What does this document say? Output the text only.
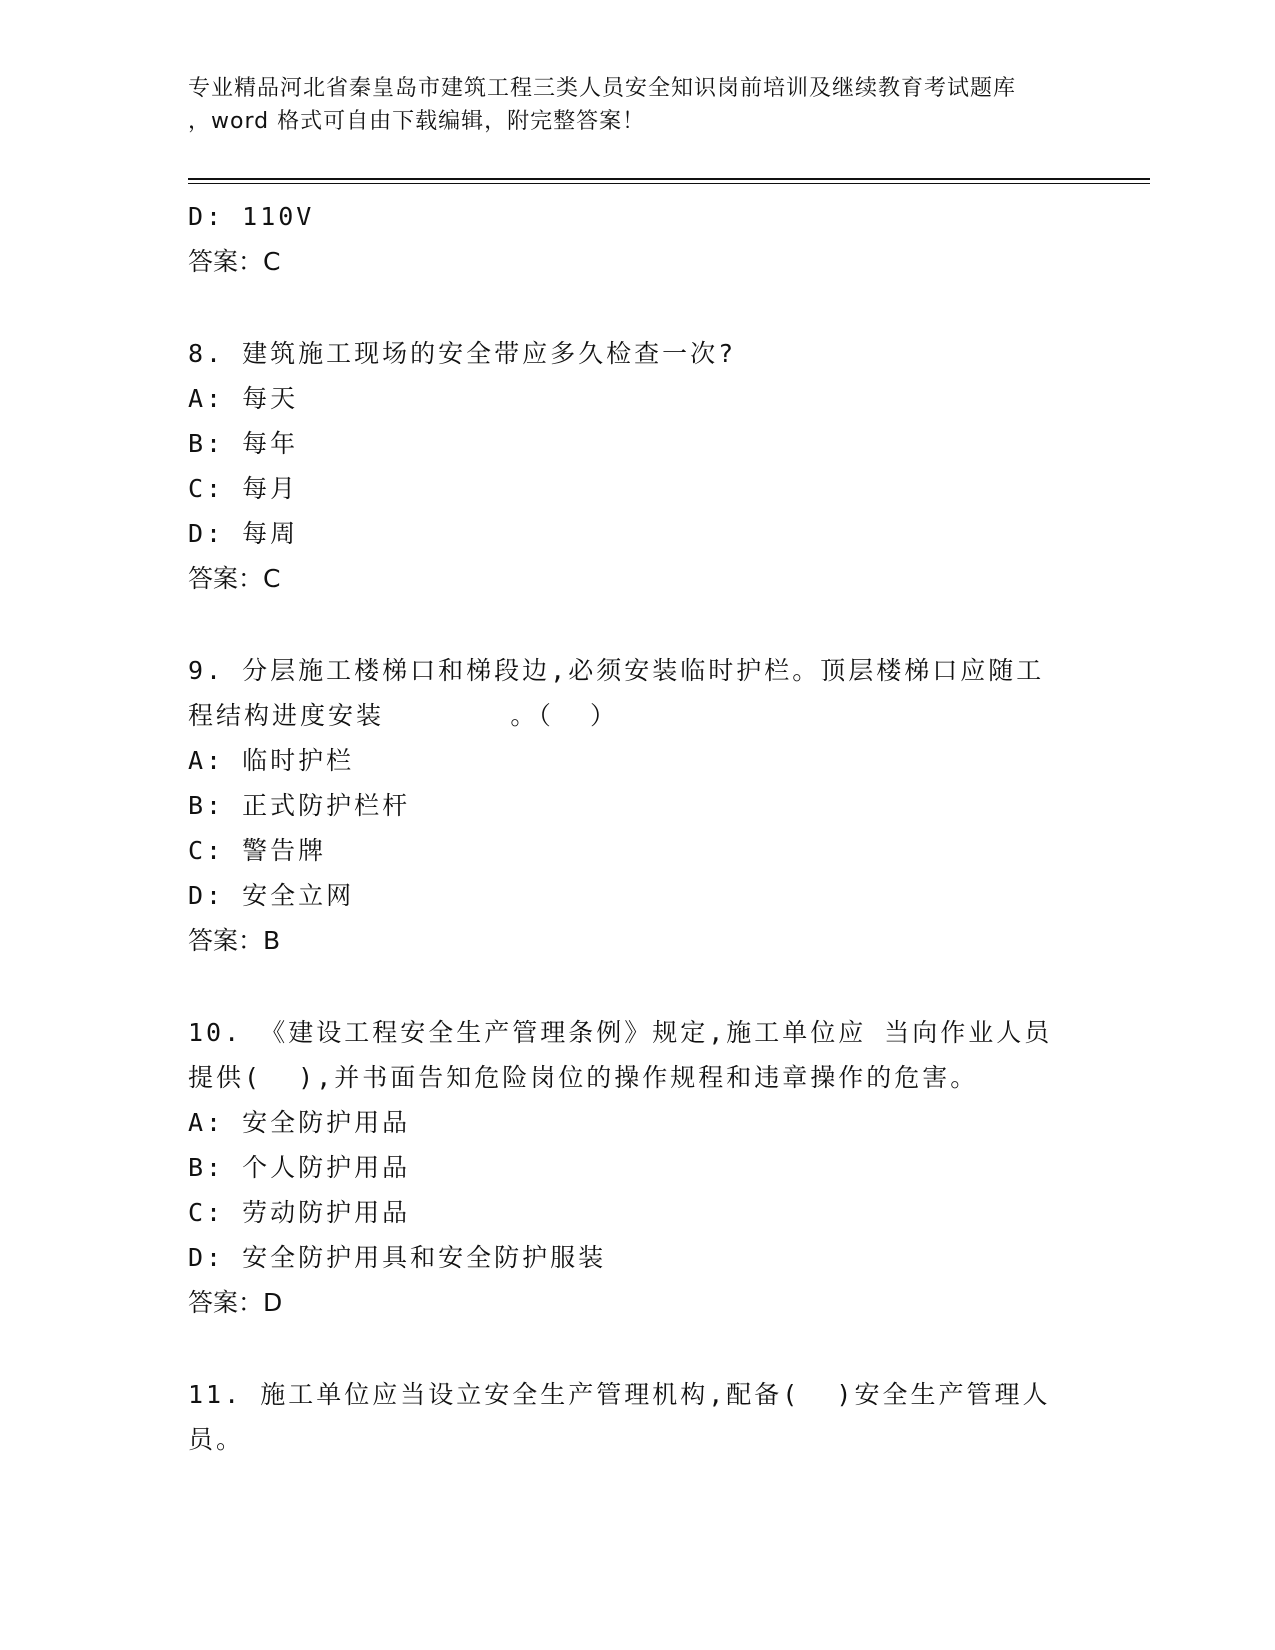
专业精品河北省秦皇岛市建筑工程三类人员安全知识岗前培训及继续教育考试题库
，word 格式可自由下载编辑，附完整答案！
D: 110V
答案：C
8. 建筑施工现场的安全带应多久检查一次?
A: 每天
B: 每年
C: 每月
D: 每周
答案：C
9. 分层施工楼梯口和梯段边,必须安装临时护栏。顶层楼梯口应随工
程结构进度安装       。（  ）
A: 临时护栏
B: 正式防护栏杆
C: 警告牌
D: 安全立网
答案：B
10. 《建设工程安全生产管理条例》规定,施工单位应 当向作业人员
提供(  ),并书面告知危险岗位的操作规程和违章操作的危害。
A: 安全防护用品
B: 个人防护用品
C: 劳动防护用品
D: 安全防护用具和安全防护服装
答案：D
11. 施工单位应当设立安全生产管理机构,配备(  )安全生产管理人
员。
